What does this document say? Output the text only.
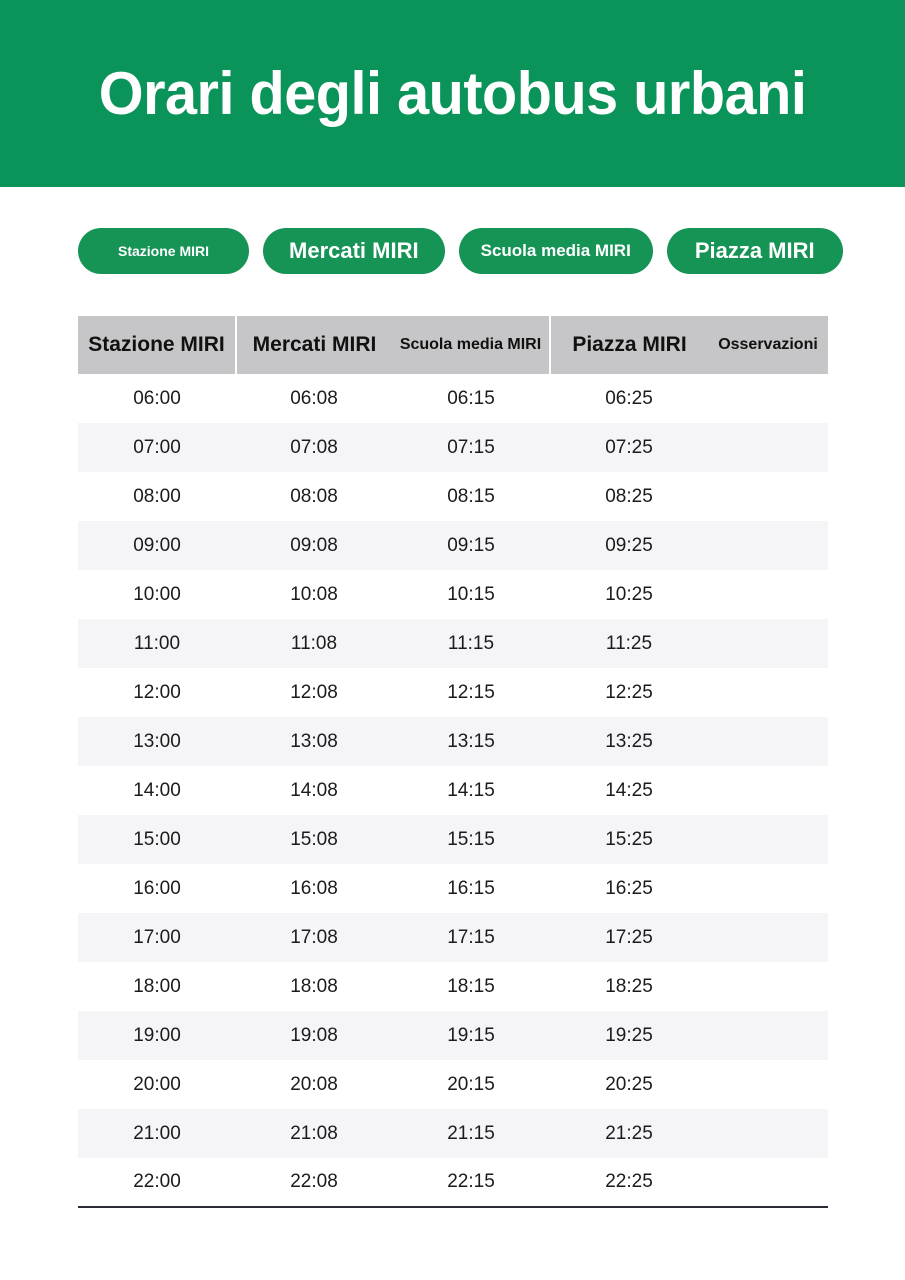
Orari degli autobus urbani
Stazione MIRI	Mercati MIRI	Scuola media MIRI	Piazza MIRI
Stazione MIRI	Mercati MIRI	Scuola media MIRI	Piazza MIRI	Osservazioni
06:00	06:08	06:15	06:25	
07:00	07:08	07:15	07:25	
08:00	08:08	08:15	08:25	
09:00	09:08	09:15	09:25	
10:00	10:08	10:15	10:25	
11:00	11:08	11:15	11:25	
12:00	12:08	12:15	12:25	
13:00	13:08	13:15	13:25	
14:00	14:08	14:15	14:25	
15:00	15:08	15:15	15:25	
16:00	16:08	16:15	16:25	
17:00	17:08	17:15	17:25	
18:00	18:08	18:15	18:25	
19:00	19:08	19:15	19:25	
20:00	20:08	20:15	20:25	
21:00	21:08	21:15	21:25	
22:00	22:08	22:15	22:25	
